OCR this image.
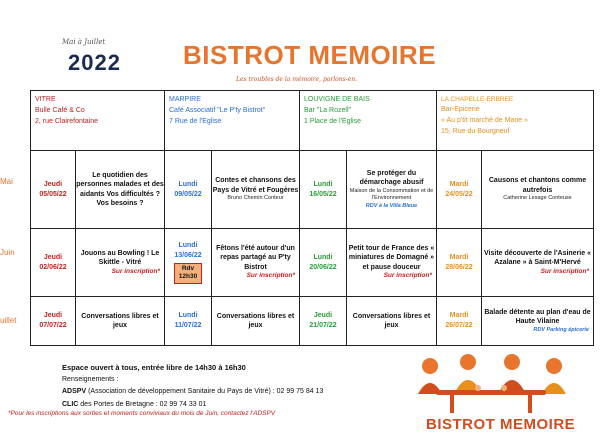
Mai à Juillet
2022 BISTROT MEMOIRE
Les troubles de la mémoire, parlons-en.
Mai
Juin
uillet
VITRE
Bulle Café & Co
2, rue Clairefontaine

MARPIRE
Café Associatif "Le P'ty Bistrot"
7 Rue de l'Eglise

LOUVIGNE DE BAIS
Bar "La Rozell"
1 Place de l'Eglise

LA CHAPELLE-ERBREE
Bar-Epicerie
« Au p'tit marché de Marie »
15, Rue du Bourgneuf

Jeudi
05/05/22	
Le quotidien des personnes malades et des aidants Vos difficultés ? Vos besoins ?
	Lundi
09/05/22	
Contes et chansons des Pays de Vitré et Fougères
Bruno Chemin Conteur
	Lundi
16/05/22	
Se protéger du démarchage abusif
Maison de la Consommation et de l'Environnement
RDV à la Villa Bleue
	Mardi
24/05/22	
Causons et chantons comme autrefois
Catherine Lesage Conteuse

Jeudi
02/06/22	
Jouons au Bowling ! Le Skittle - Vitré
Sur inscription*
	Lundi
13/06/22
Rdv
12h30	
Fêtons l'été autour d'un repas partagé au P'ty Bistrot
Sur inscription*
	Lundi
20/06/22	
Petit tour de France des « miniatures de Domagné » et pause douceur
Sur inscription*
	Mardi
28/06/22	
Visite découverte de l'Asinerie « Azalane » à Saint-M'Hervé
Sur inscription*

Jeudi
07/07/22	
Conversations libres et jeux
	Lundi
11/07/22	
Conversations libres et jeux
	Jeudi
21/07/22	
Conversations libres et jeux
	Mardi
26/07/22	
Balade détente au plan d'eau de Haute Vilaine
RDV Parking épicerie
Espace ouvert à tous, entrée libre de 14h30 à 16h30
Renseignements :
ADSPV (Association de développement Sanitaire du Pays de Vitré) : 02 99 75 84 13
CLIC des Portes de Bretagne : 02 99 74 33 01
*Pour les inscriptions aux sorties et moments conviviaux du mois de Juin, contactez l'ADSPV
BISTROT MEMOIRE
